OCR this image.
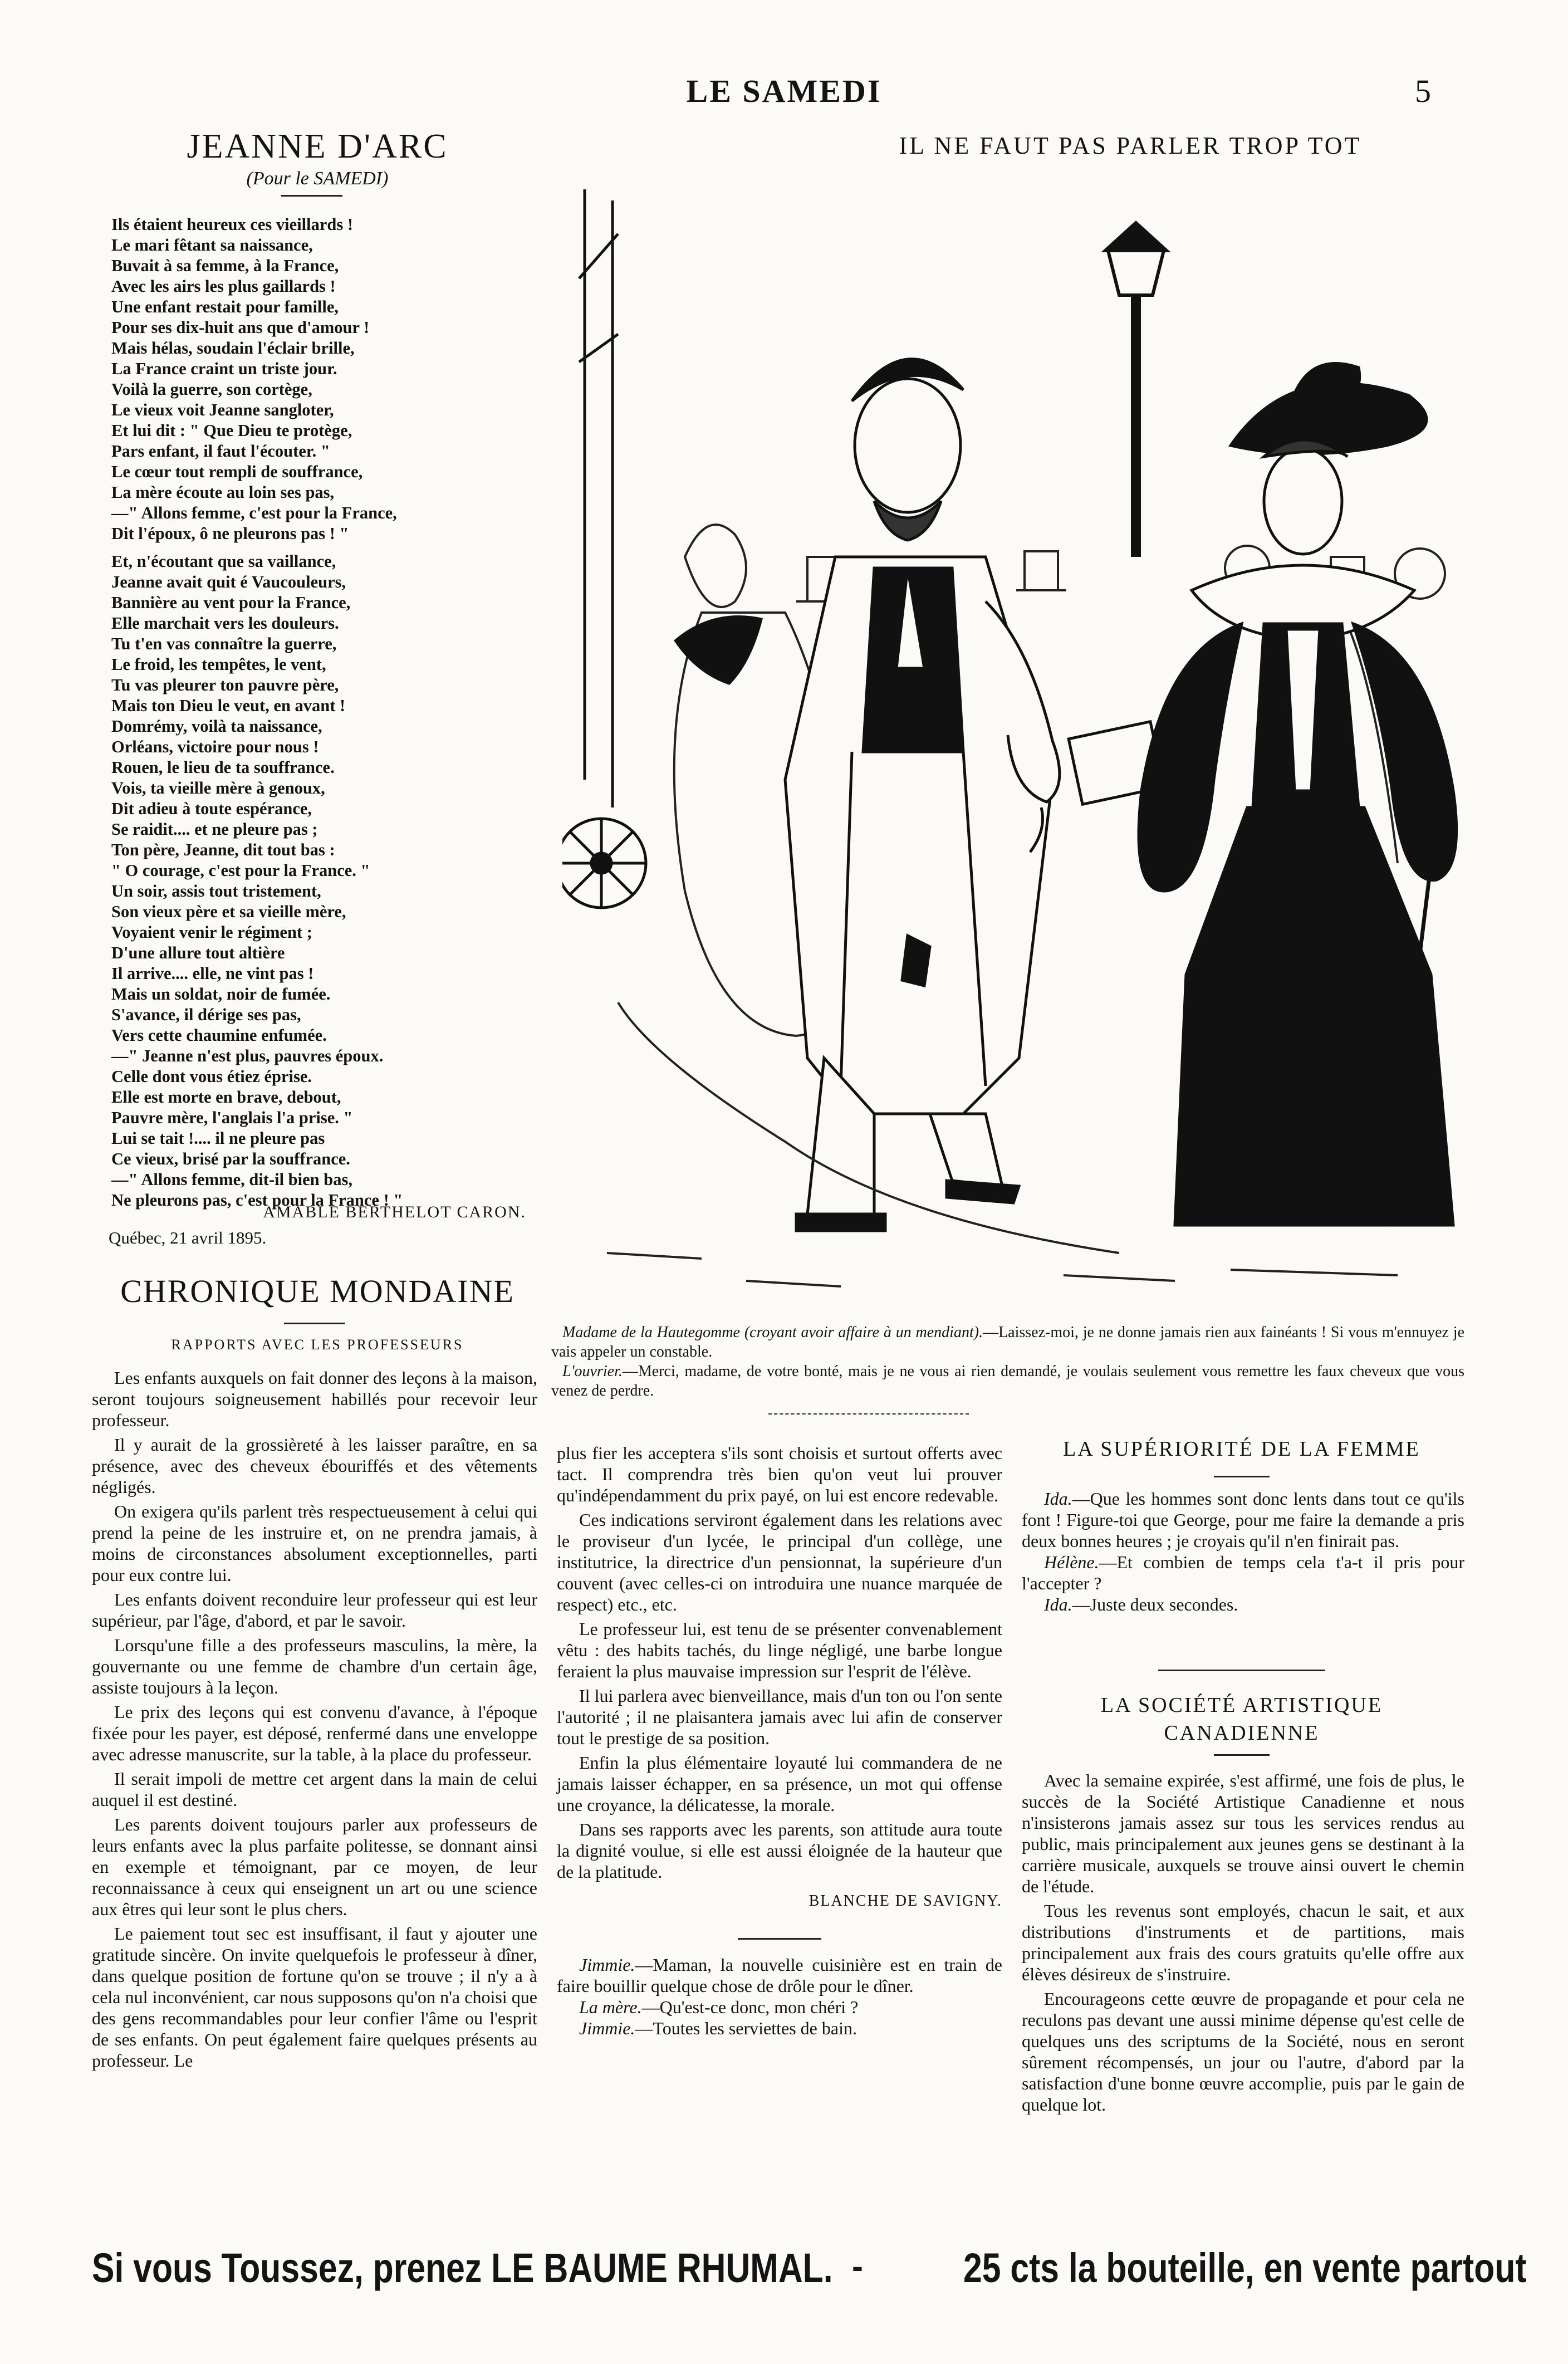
LE SAMEDI	5
JEANNE D'ARC
(Pour le SAMEDI)
Ils étaient heureux ces vieillards !
Le mari fêtant sa naissance,
Buvait à sa femme, à la France,
Avec les airs les plus gaillards !
Une enfant restait pour famille,
Pour ses dix-huit ans que d'amour !
Mais hélas, soudain l'éclair brille,
La France craint un triste jour.
Voilà la guerre, son cortège,
Le vieux voit Jeanne sangloter,
Et lui dit : " Que Dieu te protège,
Pars enfant, il faut l'écouter. "
Le cœur tout rempli de souffrance,
La mère écoute au loin ses pas,
—" Allons femme, c'est pour la France,
Dit l'époux, ô ne pleurons pas ! "
Et, n'écoutant que sa vaillance,
Jeanne avait quit é Vaucouleurs,
Bannière au vent pour la France,
Elle marchait vers les douleurs.
Tu t'en vas connaître la guerre,
Le froid, les tempêtes, le vent,
Tu vas pleurer ton pauvre père,
Mais ton Dieu le veut, en avant !
Domrémy, voilà ta naissance,
Orléans, victoire pour nous !
Rouen, le lieu de ta souffrance.
Vois, ta vieille mère à genoux,
Dit adieu à toute espérance,
Se raidit.... et ne pleure pas ;
Ton père, Jeanne, dit tout bas :
" O courage, c'est pour la France. "
Un soir, assis tout tristement,
Son vieux père et sa vieille mère,
Voyaient venir le régiment ;
D'une allure tout altière
Il arrive.... elle, ne vint pas !
Mais un soldat, noir de fumée.
S'avance, il dérige ses pas,
Vers cette chaumine enfumée.
—" Jeanne n'est plus, pauvres époux.
Celle dont vous étiez éprise.
Elle est morte en brave, debout,
Pauvre mère, l'anglais l'a prise. "
Lui se tait !.... il ne pleure pas
Ce vieux, brisé par la souffrance.
—" Allons femme, dit-il bien bas,
Ne pleurons pas, c'est pour la France ! "
AMABLE BERTHELOT CARON.
Québec, 21 avril 1895.
CHRONIQUE MONDAINE
RAPPORTS AVEC LES PROFESSEURS

Les enfants auxquels on fait donner des leçons à la maison, seront toujours soigneusement habillés pour recevoir leur professeur.

Il y aurait de la grossièreté à les laisser paraître, en sa présence, avec des cheveux ébouriffés et des vêtements négligés.

On exigera qu'ils parlent très respectueusement à celui qui prend la peine de les instruire et, on ne prendra jamais, à moins de circonstances absolument exceptionnelles, parti pour eux contre lui.

Les enfants doivent reconduire leur professeur qui est leur supérieur, par l'âge, d'abord, et par le savoir.

Lorsqu'une fille a des professeurs masculins, la mère, la gouvernante ou une femme de chambre d'un certain âge, assiste toujours à la leçon.

Le prix des leçons qui est convenu d'avance, à l'époque fixée pour les payer, est déposé, renfermé dans une enveloppe avec adresse manuscrite, sur la table, à la place du professeur.

Il serait impoli de mettre cet argent dans la main de celui auquel il est destiné.

Les parents doivent toujours parler aux professeurs de leurs enfants avec la plus parfaite politesse, se donnant ainsi en exemple et témoignant, par ce moyen, de leur reconnaissance à ceux qui enseignent un art ou une science aux êtres qui leur sont le plus chers.

Le paiement tout sec est insuffisant, il faut y ajouter une gratitude sincère. On invite quelquefois le professeur à dîner, dans quelque position de fortune qu'on se trouve ; il n'y a à cela nul inconvénient, car nous supposons qu'on n'a choisi que des gens recommandables pour leur confier l'âme ou l'esprit de ses enfants. On peut également faire quelques présents au professeur. Le

plus fier les acceptera s'ils sont choisis et surtout offerts avec tact. Il comprendra très bien qu'on veut lui prouver qu'indépendamment du prix payé, on lui est encore redevable.

Ces indications serviront également dans les relations avec le proviseur d'un lycée, le principal d'un collège, une institutrice, la directrice d'un pensionnat, la supérieure d'un couvent (avec celles-ci on introduira une nuance marquée de respect) etc., etc.

Le professeur lui, est tenu de se présenter convenablement vêtu : des habits tachés, du linge négligé, une barbe longue feraient la plus mauvaise impression sur l'esprit de l'élève.

Il lui parlera avec bienveillance, mais d'un ton ou l'on sente l'autorité ; il ne plaisantera jamais avec lui afin de conserver tout le prestige de sa position.

Enfin la plus élémentaire loyauté lui commandera de ne jamais laisser échapper, en sa présence, un mot qui offense une croyance, la délicatesse, la morale.

Dans ses rapports avec les parents, son attitude aura toute la dignité voulue, si elle est aussi éloignée de la hauteur que de la platitude.

BLANCHE DE SAVIGNY.

Jimmie.—Maman, la nouvelle cuisinière est en train de faire bouillir quelque chose de drôle pour le dîner.

La mère.—Qu'est-ce donc, mon chéri ?

Jimmie.—Toutes les serviettes de bain.

IL NE FAUT PAS PARLER TROP TOT

Madame de la Hautegomme (croyant avoir affaire à un mendiant).—Laissez-moi, je ne donne jamais rien aux fainéants ! Si vous m'ennuyez je vais appeler un constable.

L'ouvrier.—Merci, madame, de votre bonté, mais je ne vous ai rien demandé, je voulais seulement vous remettre les faux cheveux que vous venez de perdre.

LA SUPÉRIORITÉ DE LA FEMME

Ida.—Que les hommes sont donc lents dans tout ce qu'ils font ! Figure-toi que George, pour me faire la demande a pris deux bonnes heures ; je croyais qu'il n'en finirait pas.

Hélène.—Et combien de temps cela t'a-t il pris pour l'accepter ?

Ida.—Juste deux secondes.

LA SOCIÉTÉ ARTISTIQUE
CANADIENNE

Avec la semaine expirée, s'est affirmé, une fois de plus, le succès de la Société Artistique Canadienne et nous n'insisterons jamais assez sur tous les services rendus au public, mais principalement aux jeunes gens se destinant à la carrière musicale, auxquels se trouve ainsi ouvert le chemin de l'étude.

Tous les revenus sont employés, chacun le sait, et aux distributions d'instruments et de partitions, mais principalement aux frais des cours gratuits qu'elle offre aux élèves désireux de s'instruire.

Encourageons cette œuvre de propagande et pour cela ne reculons pas devant une aussi minime dépense qu'est celle de quelques uns des scriptums de la Société, nous en seront sûrement récompensés, un jour ou l'autre, d'abord par la satisfaction d'une bonne œuvre accomplie, puis par le gain de quelque lot.

Si vous Toussez, prenez LE BAUME RHUMAL. - 25 cts la bouteille, en vente partout
